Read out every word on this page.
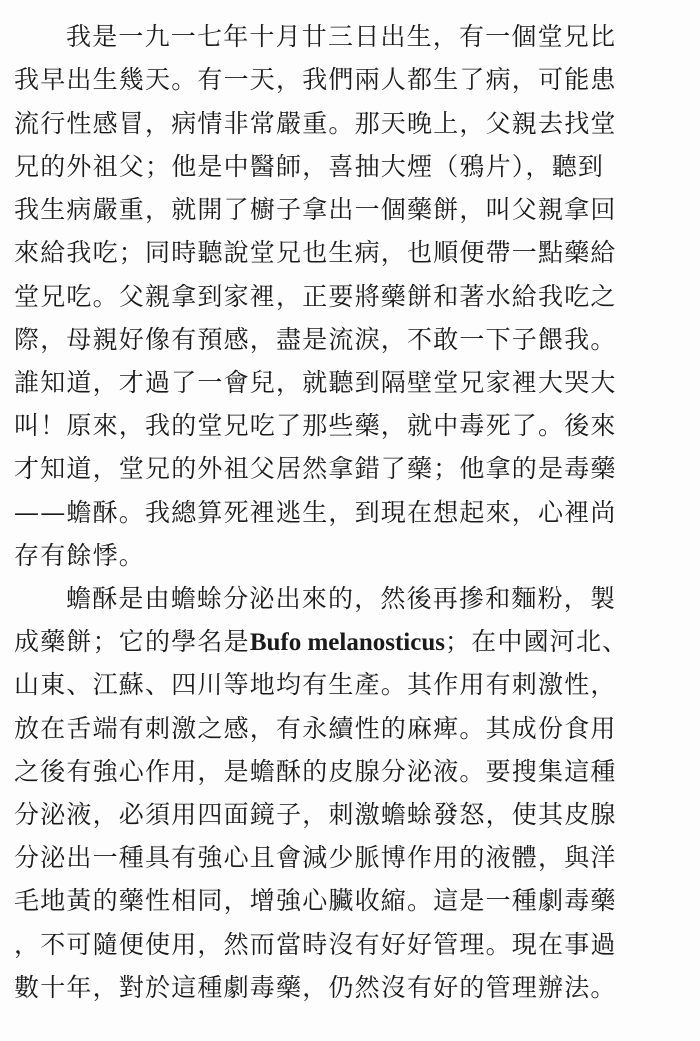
我是一九一七年十月廿三日出生，有一個堂兄比
我早出生幾天。有一天，我們兩人都生了病，可能患
流行性感冒，病情非常嚴重。那天晚上，父親去找堂
兄的外祖父；他是中醫師，喜抽大煙（鴉片），聽到
我生病嚴重，就開了櫥子拿出一個藥餅，叫父親拿回
來給我吃；同時聽說堂兄也生病，也順便帶一點藥給
堂兄吃。父親拿到家裡，正要將藥餅和著水給我吃之
際，母親好像有預感，盡是流淚，不敢一下子餵我。
誰知道，才過了一會兒，就聽到隔壁堂兄家裡大哭大
叫！原來，我的堂兄吃了那些藥，就中毒死了。後來
才知道，堂兄的外祖父居然拿錯了藥；他拿的是毒藥
——蟾酥。我總算死裡逃生，到現在想起來，心裡尚
存有餘悸。
蟾酥是由蟾蜍分泌出來的，然後再摻和麵粉，製
成藥餅；它的學名是Bufo melanosticus；在中國河北、
山東、江蘇、四川等地均有生產。其作用有刺激性，
放在舌端有刺激之感，有永續性的麻痺。其成份食用
之後有強心作用，是蟾酥的皮腺分泌液。要搜集這種
分泌液，必須用四面鏡子，刺激蟾蜍發怒，使其皮腺
分泌出一種具有強心且會減少脈博作用的液體，與洋
毛地黃的藥性相同，增強心臟收縮。這是一種劇毒藥
，不可隨便使用，然而當時沒有好好管理。現在事過
數十年，對於這種劇毒藥，仍然沒有好的管理辦法。
